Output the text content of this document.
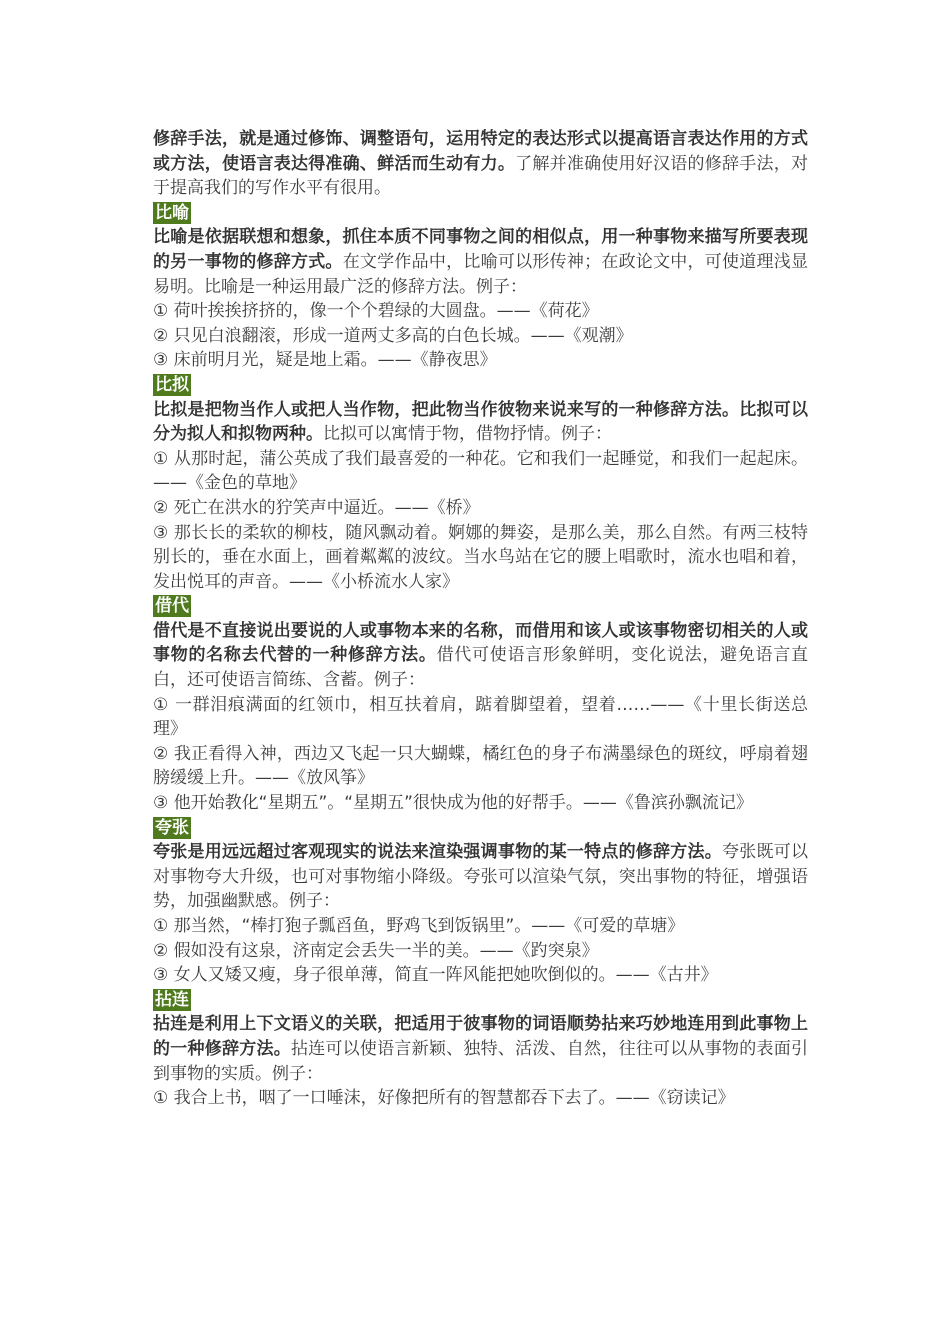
修辞手法，就是通过修饰、调整语句，运用特定的表达形式以提高语言表达作用的方式或方法，使语言表达得准确、鲜活而生动有力。了解并准确使用好汉语的修辞手法，对于提高我们的写作水平有很用。

比喻

比喻是依据联想和想象，抓住本质不同事物之间的相似点，用一种事物来描写所要表现的另一事物的修辞方式。在文学作品中，比喻可以形传神；在政论文中，可使道理浅显易明。比喻是一种运用最广泛的修辞方法。例子：

① 荷叶挨挨挤挤的，像一个个碧绿的大圆盘。——《荷花》

② 只见白浪翻滚，形成一道两丈多高的白色长城。——《观潮》

③ 床前明月光，疑是地上霜。——《静夜思》

比拟

比拟是把物当作人或把人当作物，把此物当作彼物来说来写的一种修辞方法。比拟可以分为拟人和拟物两种。比拟可以寓情于物，借物抒情。例子：

① 从那时起，蒲公英成了我们最喜爱的一种花。它和我们一起睡觉，和我们一起起床。——《金色的草地》

② 死亡在洪水的狞笑声中逼近。——《桥》

③ 那长长的柔软的柳枝，随风飘动着。婀娜的舞姿，是那么美，那么自然。有两三枝特别长的，垂在水面上，画着粼粼的波纹。当水鸟站在它的腰上唱歌时，流水也唱和着，发出悦耳的声音。——《小桥流水人家》

借代

借代是不直接说出要说的人或事物本来的名称，而借用和该人或该事物密切相关的人或事物的名称去代替的一种修辞方法。借代可使语言形象鲜明，变化说法，避免语言直白，还可使语言简练、含蓄。例子：

① 一群泪痕满面的红领巾，相互扶着肩，踮着脚望着，望着……——《十里长街送总理》

② 我正看得入神，西边又飞起一只大蝴蝶，橘红色的身子布满墨绿色的斑纹，呼扇着翅膀缓缓上升。——《放风筝》

③ 他开始教化“星期五”。“星期五”很快成为他的好帮手。——《鲁滨孙飘流记》

夸张

夸张是用远远超过客观现实的说法来渲染强调事物的某一特点的修辞方法。夸张既可以对事物夸大升级，也可对事物缩小降级。夸张可以渲染气氛，突出事物的特征，增强语势，加强幽默感。例子：

① 那当然，“棒打狍子瓢舀鱼，野鸡飞到饭锅里”。——《可爱的草塘》

② 假如没有这泉，济南定会丢失一半的美。——《趵突泉》

③ 女人又矮又瘦，身子很单薄，简直一阵风能把她吹倒似的。——《古井》

拈连

拈连是利用上下文语义的关联，把适用于彼事物的词语顺势拈来巧妙地连用到此事物上的一种修辞方法。拈连可以使语言新颖、独特、活泼、自然，往往可以从事物的表面引到事物的实质。例子：

① 我合上书，咽了一口唾沫，好像把所有的智慧都吞下去了。——《窃读记》
